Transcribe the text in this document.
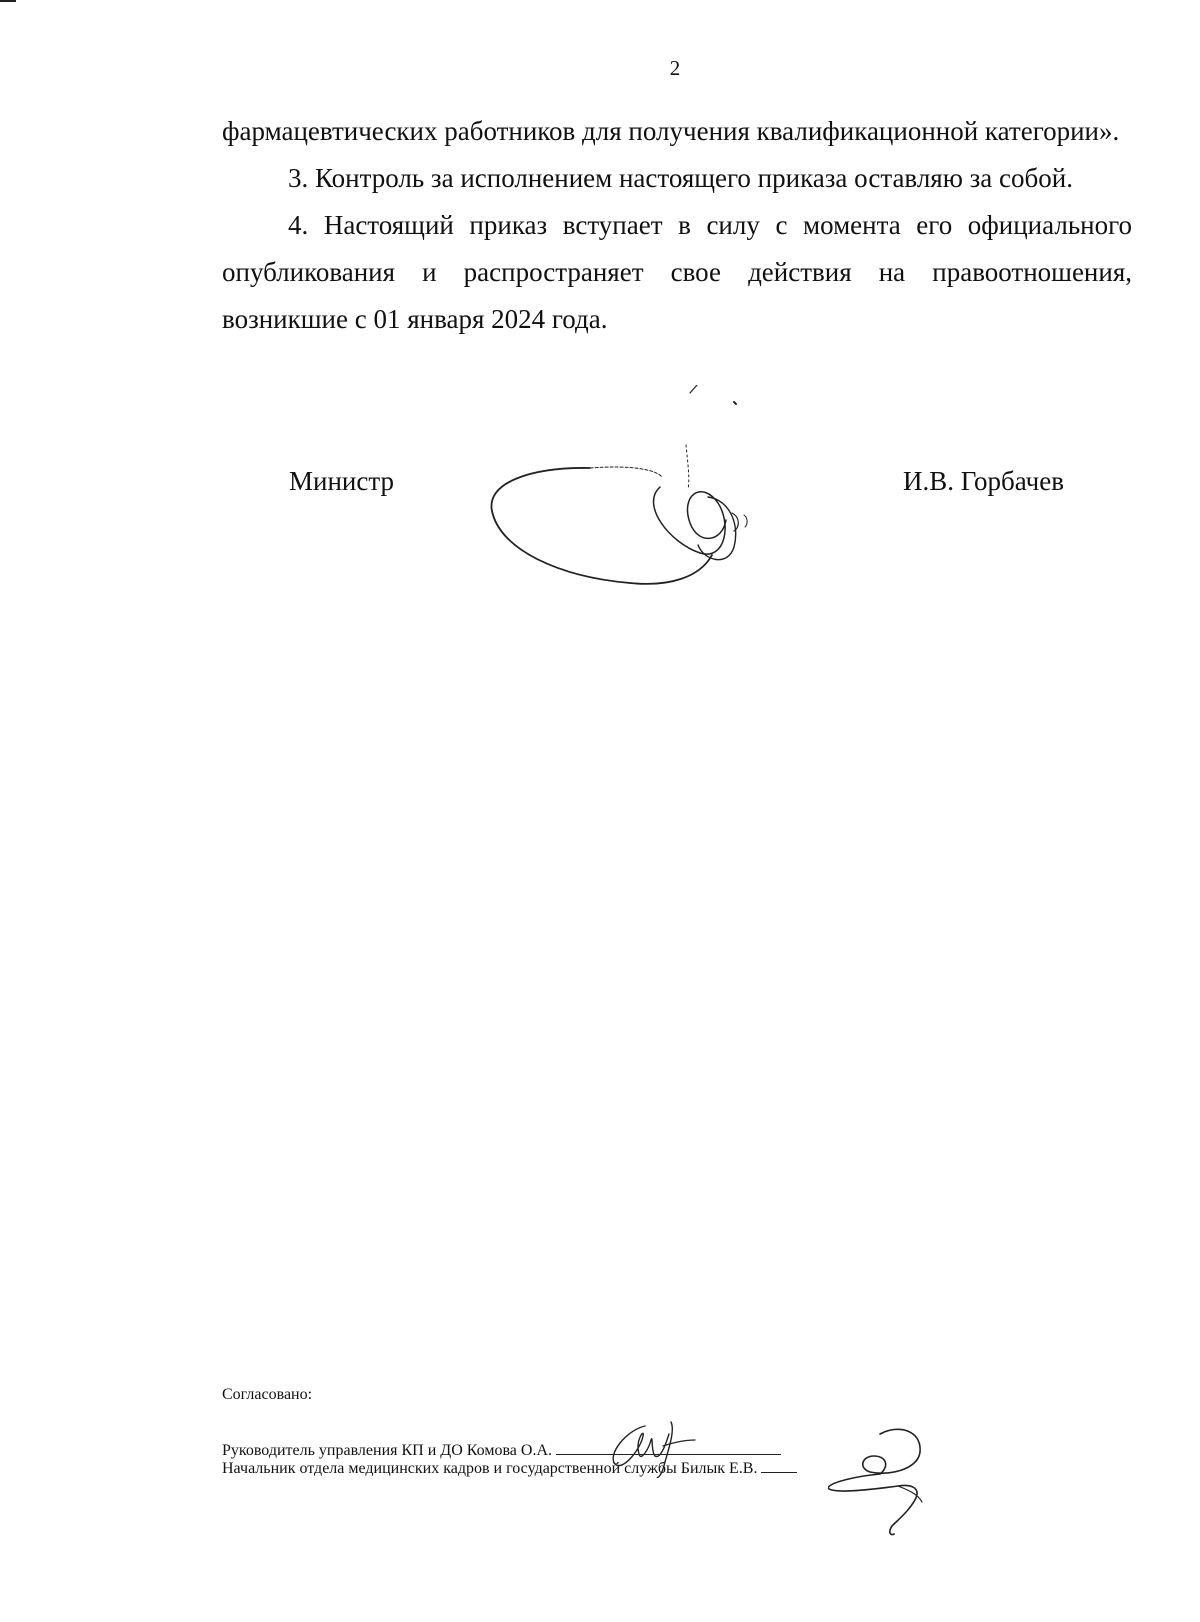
2
фармацевтических работников для получения квалификационной категории».
3. Контроль за исполнением настоящего приказа оставляю за собой.
4. Настоящий приказ вступает в силу с момента его официального
опубликования и распространяет свое действия на правоотношения,
возникшие с 01 января 2024 года.
Министр	И.В. Горбачев
Согласовано:
Руководитель управления КП и ДО Комова О.А.
Начальник отдела медицинских кадров и государственной службы Билык Е.В.
